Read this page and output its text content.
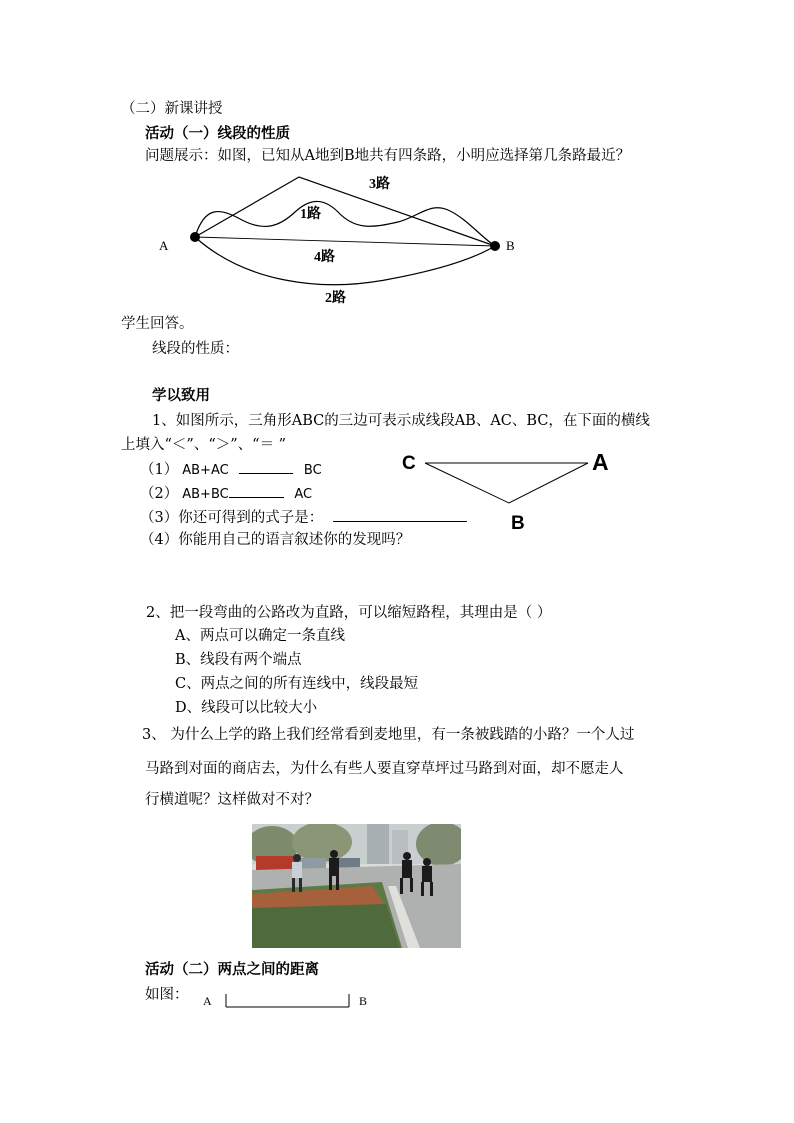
（二）新课讲授
活动（一）线段的性质
问题展示：如图，已知从A地到B地共有四条路，小明应选择第几条路最近？
A	B
3路
1路
4路
2路
学生回答。
线段的性质：
学以致用
1、如图所示，三角形ABC的三边可表示成线段AB、AC、BC，在下面的横线
上填入“＜”、“＞”、“＝ ”
（1） AB+AC	BC
（2） AB+BC	AC
（3）你还可得到的式子是：
（4）你能用自己的语言叙述你的发现吗？
C	A
B
2、把一段弯曲的公路改为直路，可以缩短路程，其理由是（ ）
A、两点可以确定一条直线
B、线段有两个端点
C、两点之间的所有连线中，线段最短
D、线段可以比较大小
3、 为什么上学的路上我们经常看到麦地里，有一条被践踏的小路？一个人过
马路到对面的商店去，为什么有些人要直穿草坪过马路到对面，却不愿走人
行横道呢？这样做对不对？
活动（二）两点之间的距离
如图： A	B
